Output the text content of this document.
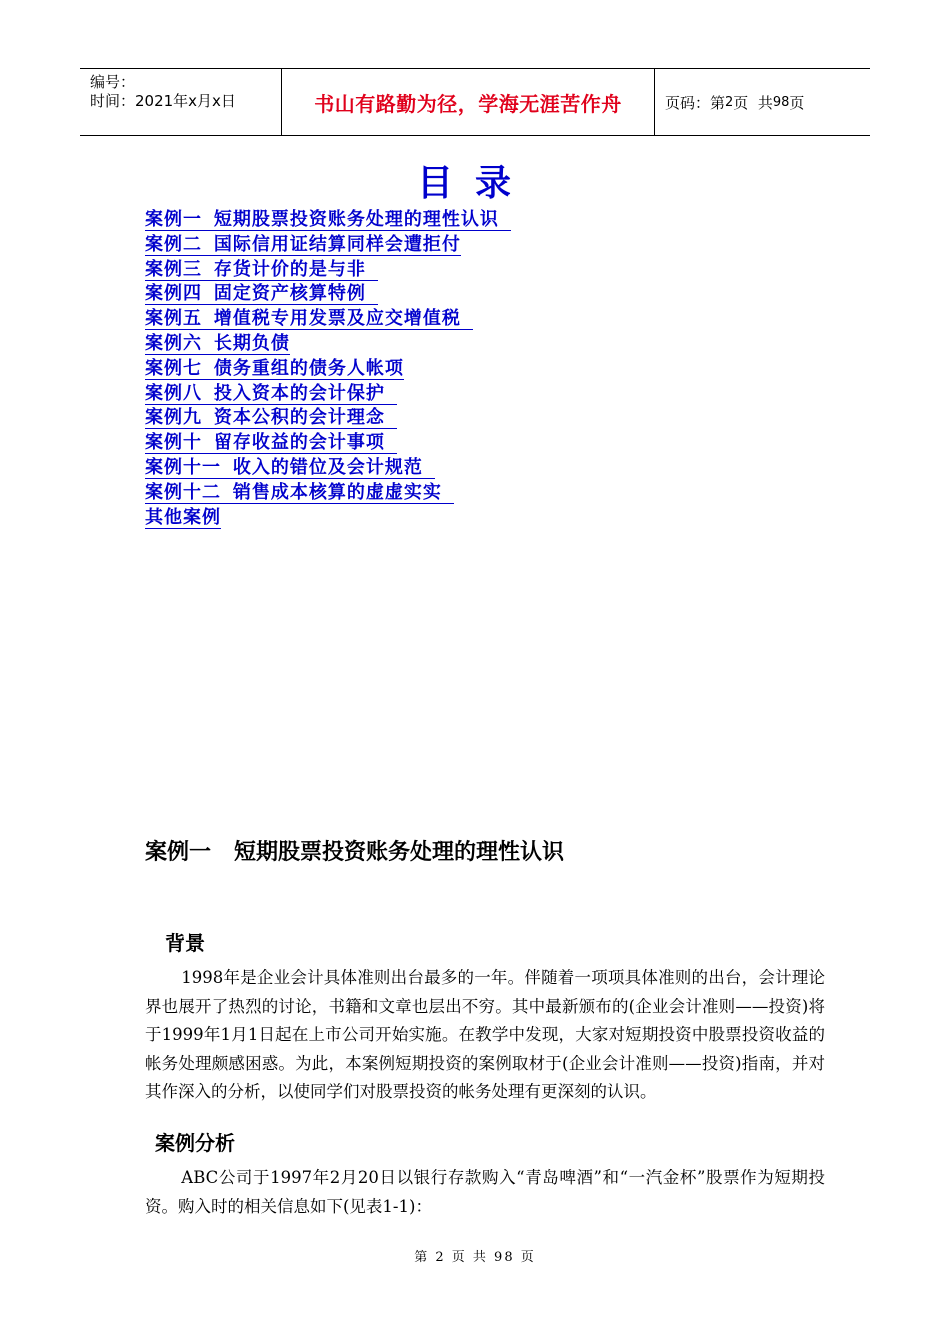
编号：
时间：2021年x月x日	书山有路勤为径，学海无涯苦作舟	页码：第 2 页  共 98 页
目录
案例一 短期股票投资账务处理的理性认识
案例二 国际信用证结算同样会遭拒付
案例三 存货计价的是与非
案例四 固定资产核算特例
案例五 增值税专用发票及应交增值税
案例六 长期负债
案例七 债务重组的债务人帐项
案例八 投入资本的会计保护
案例九 资本公积的会计理念
案例十 留存收益的会计事项
案例十一 收入的错位及会计规范
案例十二 销售成本核算的虚虚实实
其他案例
案例一   短期股票投资账务处理的理性认识
背景

1998年是企业会计具体准则出台最多的一年。伴随着一项项具体准则的出台，会计理论界也展开了热烈的讨论，书籍和文章也层出不穷。其中最新颁布的(企业会计准则——投资)将于1999年1月1日起在上市公司开始实施。在教学中发现，大家对短期投资中股票投资收益的帐务处理颇感困惑。为此，本案例短期投资的案例取材于(企业会计准则——投资)指南，并对其作深入的分析，以使同学们对股票投资的帐务处理有更深刻的认识。

案例分析

ABC公司于1997年2月20日以银行存款购入“青岛啤酒”和“一汽金杯”股票作为短期投资。购入时的相关信息如下(见表1-1)：

第 2 页 共 98 页
